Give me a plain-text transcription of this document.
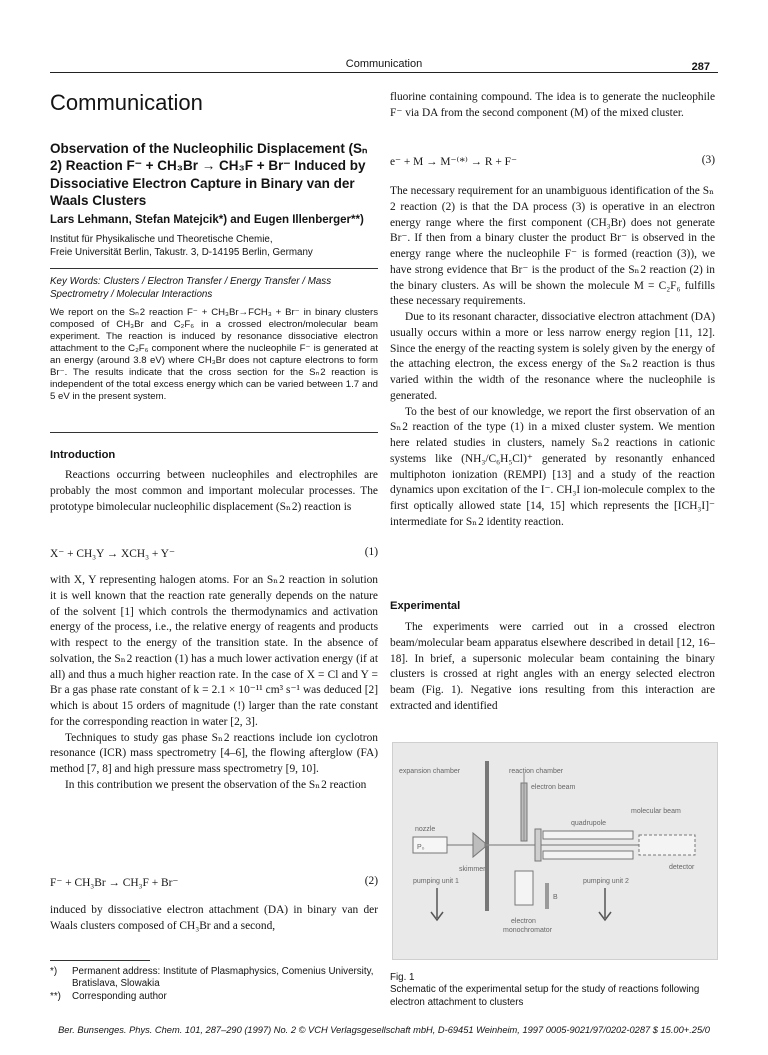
Communication	287
Communication
Observation of the Nucleophilic Displacement (Sₙ 2) Reaction F⁻ + CH₃Br → CH₃F + Br⁻ Induced by Dissociative Electron Capture in Binary van der Waals Clusters
Lars Lehmann, Stefan Matejcik*) and Eugen Illenberger**)
Institut für Physikalische und Theoretische Chemie,
Freie Universität Berlin, Takustr. 3, D-14195 Berlin, Germany
Key Words: Clusters / Electron Transfer / Energy Transfer / Mass Spectrometry / Molecular Interactions
We report on the Sₙ 2 reaction F⁻ + CH₃Br→FCH₃ + Br⁻ in binary clusters composed of CH₃Br and C₂F₆ in a crossed electron/molecular beam experiment. The reaction is induced by resonance dissociative electron attachment to the C₂F₆ component where the nucleophile F⁻ is generated at an energy (around 3.8 eV) where CH₃Br does not capture electrons to form Br⁻. The results indicate that the cross section for the Sₙ 2 reaction is independent of the total excess energy which can be varied between 1.7 and 5 eV in the present system.
Introduction

Reactions occurring between nucleophiles and electrophiles are probably the most common and important molecular processes. The prototype bimolecular nucleophilic displacement (Sₙ 2) reaction is

X⁻ + CH₃Y → XCH₃ + Y⁻	(1)

with X, Y representing halogen atoms. For an Sₙ 2 reaction in solution it is well known that the reaction rate generally depends on the nature of the solvent [1] which controls the thermodynamics and activation energy of the process, i.e., the relative energy of reagents and products with respect to the energy of the transition state. In the absence of solvation, the Sₙ 2 reaction (1) has a much lower activation energy (if at all) and thus a much higher reaction rate. In the case of X = Cl and Y = Br a gas phase rate constant of k = 2.1 × 10⁻¹¹ cm³ s⁻¹ was deduced [2] which is about 15 orders of magnitude (!) larger than the rate constant for the corresponding reaction in water [2, 3].

Techniques to study gas phase Sₙ 2 reactions include ion cyclotron resonance (ICR) mass spectrometry [4–6], the flowing afterglow (FA) method [7, 8] and high pressure mass spectrometry [9, 10].

In this contribution we present the observation of the Sₙ 2 reaction

F⁻ + CH₃Br → CH₃F + Br⁻	(2)

induced by dissociative electron attachment (DA) in binary van der Waals clusters composed of CH₃Br and a second,

*)	Permanent address: Institute of Plasmaphysics, Comenius University, Bratislava, Slowakia
**)	Corresponding author

fluorine containing compound. The idea is to generate the nucleophile F⁻ via DA from the second component (M) of the mixed cluster.

e⁻ + M → M⁻⁽*⁾ → R + F⁻	(3)

The necessary requirement for an unambiguous identification of the Sₙ 2 reaction (2) is that the DA process (3) is operative in an electron energy range where the first component (CH₃Br) does not generate Br⁻. If then from a binary cluster the product Br⁻ is observed in the energy range where the nucleophile F⁻ is formed (reaction (3)), we have strong evidence that Br⁻ is the product of the Sₙ 2 reaction (2) in the binary clusters. As will be shown the molecule M = C₂F₆ fulfills these necessary requirements.

Due to its resonant character, dissociative electron attachment (DA) usually occurs within a more or less narrow energy region [11, 12]. Since the energy of the reacting system is solely given by the energy of the attaching electron, the excess energy of the Sₙ 2 reaction is thus varied within the width of the resonance where the nucleophile is generated.

To the best of our knowledge, we report the first observation of an Sₙ 2 reaction of the type (1) in a mixed cluster system. We mention here related studies in clusters, namely Sₙ 2 reactions in cationic systems like (NH₃/C₆H₅Cl)⁺ generated by resonantly enhanced multiphoton ionization (REMPI) [13] and a study of the reaction dynamics upon excitation of the I⁻. CH₃I ion-molecule complex to the first optically allowed state [14, 15] which represents the [ICH₃I]⁻ intermediate for Sₙ 2 identity reaction.

Experimental

The experiments were carried out in a crossed electron beam/molecular beam apparatus elsewhere described in detail [12, 16–18]. In brief, a supersonic molecular beam containing the binary clusters is crossed at right angles with an energy selected electron beam (Fig. 1). Negative ions resulting from this interaction are extracted and identified

expansion chamber	reaction chamber
electron beam
molecular beam
quadrupole
nozzle
P₀
skimmer	detector
pumping unit 1	pumping unit 2
B
electron
monochromator
Fig. 1
Schematic of the experimental setup for the study of reactions following electron attachment to clusters
Ber. Bunsenges. Phys. Chem. 101, 287–290 (1997) No. 2 © VCH Verlagsgesellschaft mbH, D-69451 Weinheim, 1997 0005-9021/97/0202-0287 $ 15.00+.25/0
